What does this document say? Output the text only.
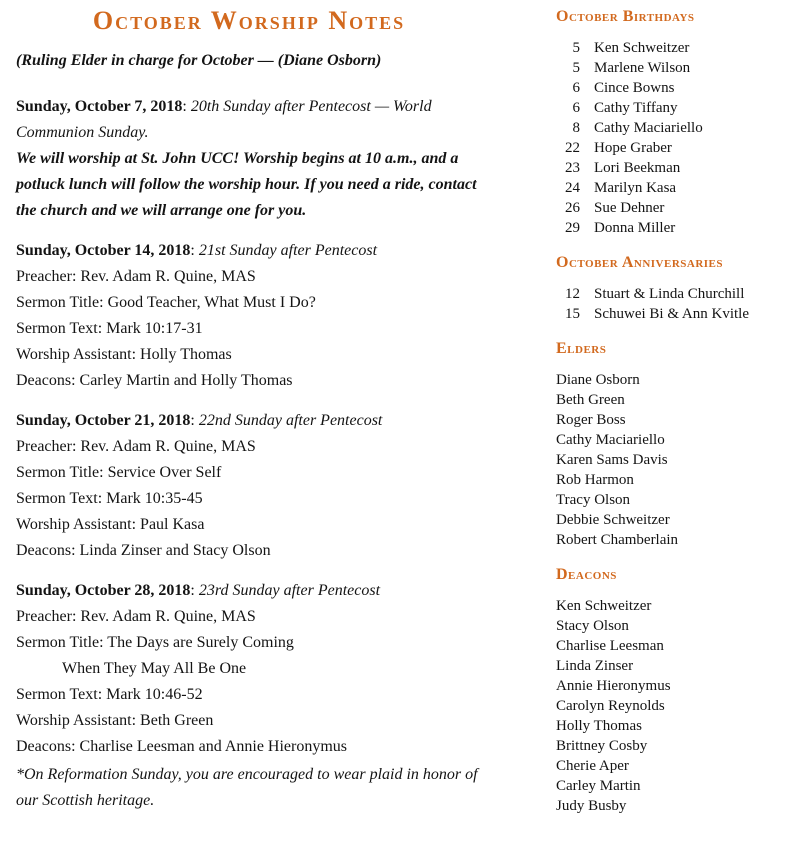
October Worship Notes

(Ruling Elder in charge for October — (Diane Osborn)

Sunday, October 7, 2018: 20th Sunday after Pentecost — World Communion Sunday.

We will worship at St. John UCC! Worship begins at 10 a.m., and a potluck lunch will follow the worship hour. If you need a ride, contact the church and we will arrange one for you.

Sunday, October 14, 2018: 21st Sunday after Pentecost

Preacher: Rev. Adam R. Quine, MAS

Sermon Title: Good Teacher, What Must I Do?

Sermon Text: Mark 10:17-31

Worship Assistant: Holly Thomas

Deacons: Carley Martin and Holly Thomas

Sunday, October 21, 2018: 22nd Sunday after Pentecost

Preacher: Rev. Adam R. Quine, MAS

Sermon Title: Service Over Self

Sermon Text: Mark 10:35-45

Worship Assistant: Paul Kasa

Deacons: Linda Zinser and Stacy Olson

Sunday, October 28, 2018: 23rd Sunday after Pentecost

Preacher: Rev. Adam R. Quine, MAS

Sermon Title: The Days are Surely Coming

When They May All Be One

Sermon Text: Mark 10:46-52

Worship Assistant: Beth Green

Deacons: Charlise Leesman and Annie Hieronymus

*On Reformation Sunday, you are encouraged to wear plaid in honor of our Scottish heritage.

October Birthdays
5 Ken Schweitzer
5 Marlene Wilson
6 Cince Bowns
6 Cathy Tiffany
8 Cathy Maciariello
22 Hope Graber
23 Lori Beekman
24 Marilyn Kasa
26 Sue Dehner
29 Donna Miller
October Anniversaries
12 Stuart & Linda Churchill
15 Schuwei Bi & Ann Kvitle
Elders

Diane Osborn

Beth Green

Roger Boss

Cathy Maciariello

Karen Sams Davis

Rob Harmon

Tracy Olson

Debbie Schweitzer

Robert Chamberlain

Deacons

Ken Schweitzer

Stacy Olson

Charlise Leesman

Linda Zinser

Annie Hieronymus

Carolyn Reynolds

Holly Thomas

Brittney Cosby

Cherie Aper

Carley Martin

Judy Busby
